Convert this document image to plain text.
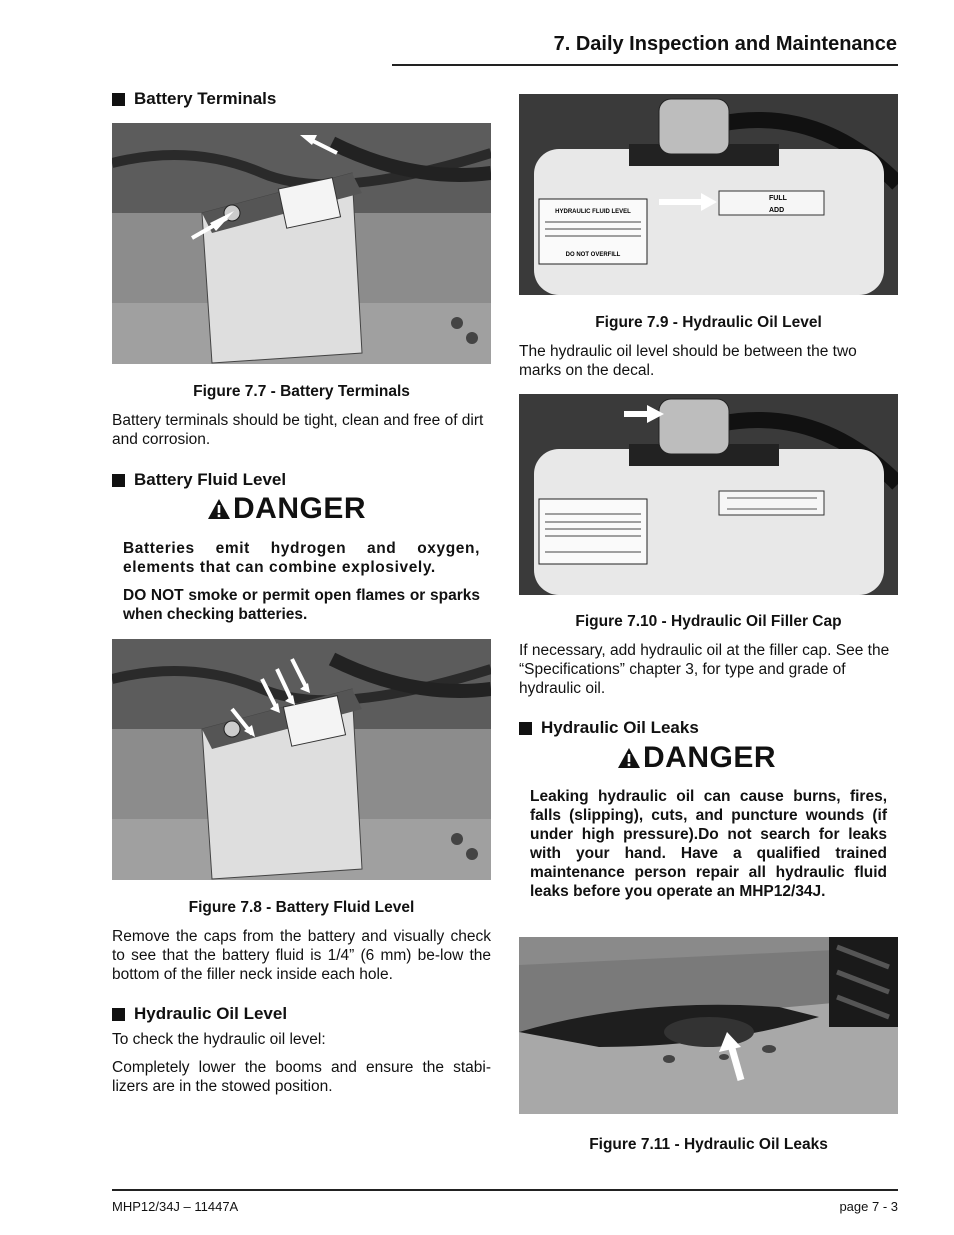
7. Daily Inspection and Maintenance
Battery Terminals
Figure 7.7 - Battery Terminals
Battery terminals should be tight, clean and free of dirt and corrosion.
Battery Fluid Level
DANGER
Batteries emit hydrogen and oxygen, elements that can combine explosively.
DO NOT smoke or permit open flames or sparks when checking batteries.
Figure 7.8 - Battery Fluid Level
Remove the caps from the battery and visually check to see that the battery fluid is 1/4” (6 mm) be-low the bottom of the filler neck inside each hole.
Hydraulic Oil Level
To check the hydraulic oil level:
Completely lower the booms and ensure the stabi-lizers are in the stowed position.
HYDRAULIC FLUID LEVEL
DO NOT OVERFILL
FULL
ADD
Figure 7.9 - Hydraulic Oil Level
The hydraulic oil level should be between the two marks on the decal.
Figure 7.10 - Hydraulic Oil Filler Cap
If necessary, add hydraulic oil at the filler cap. See the “Specifications” chapter 3, for type and grade of hydraulic oil.
Hydraulic Oil Leaks
DANGER
Leaking hydraulic oil can cause burns, fires, falls (slipping), cuts, and puncture wounds (if under high pressure).Do not search for leaks with your hand. Have a qualified trained maintenance person repair all hydraulic fluid leaks before you operate an MHP12/34J.
Figure 7.11 - Hydraulic Oil Leaks
MHP12/34J – 11447A	page 7 - 3
